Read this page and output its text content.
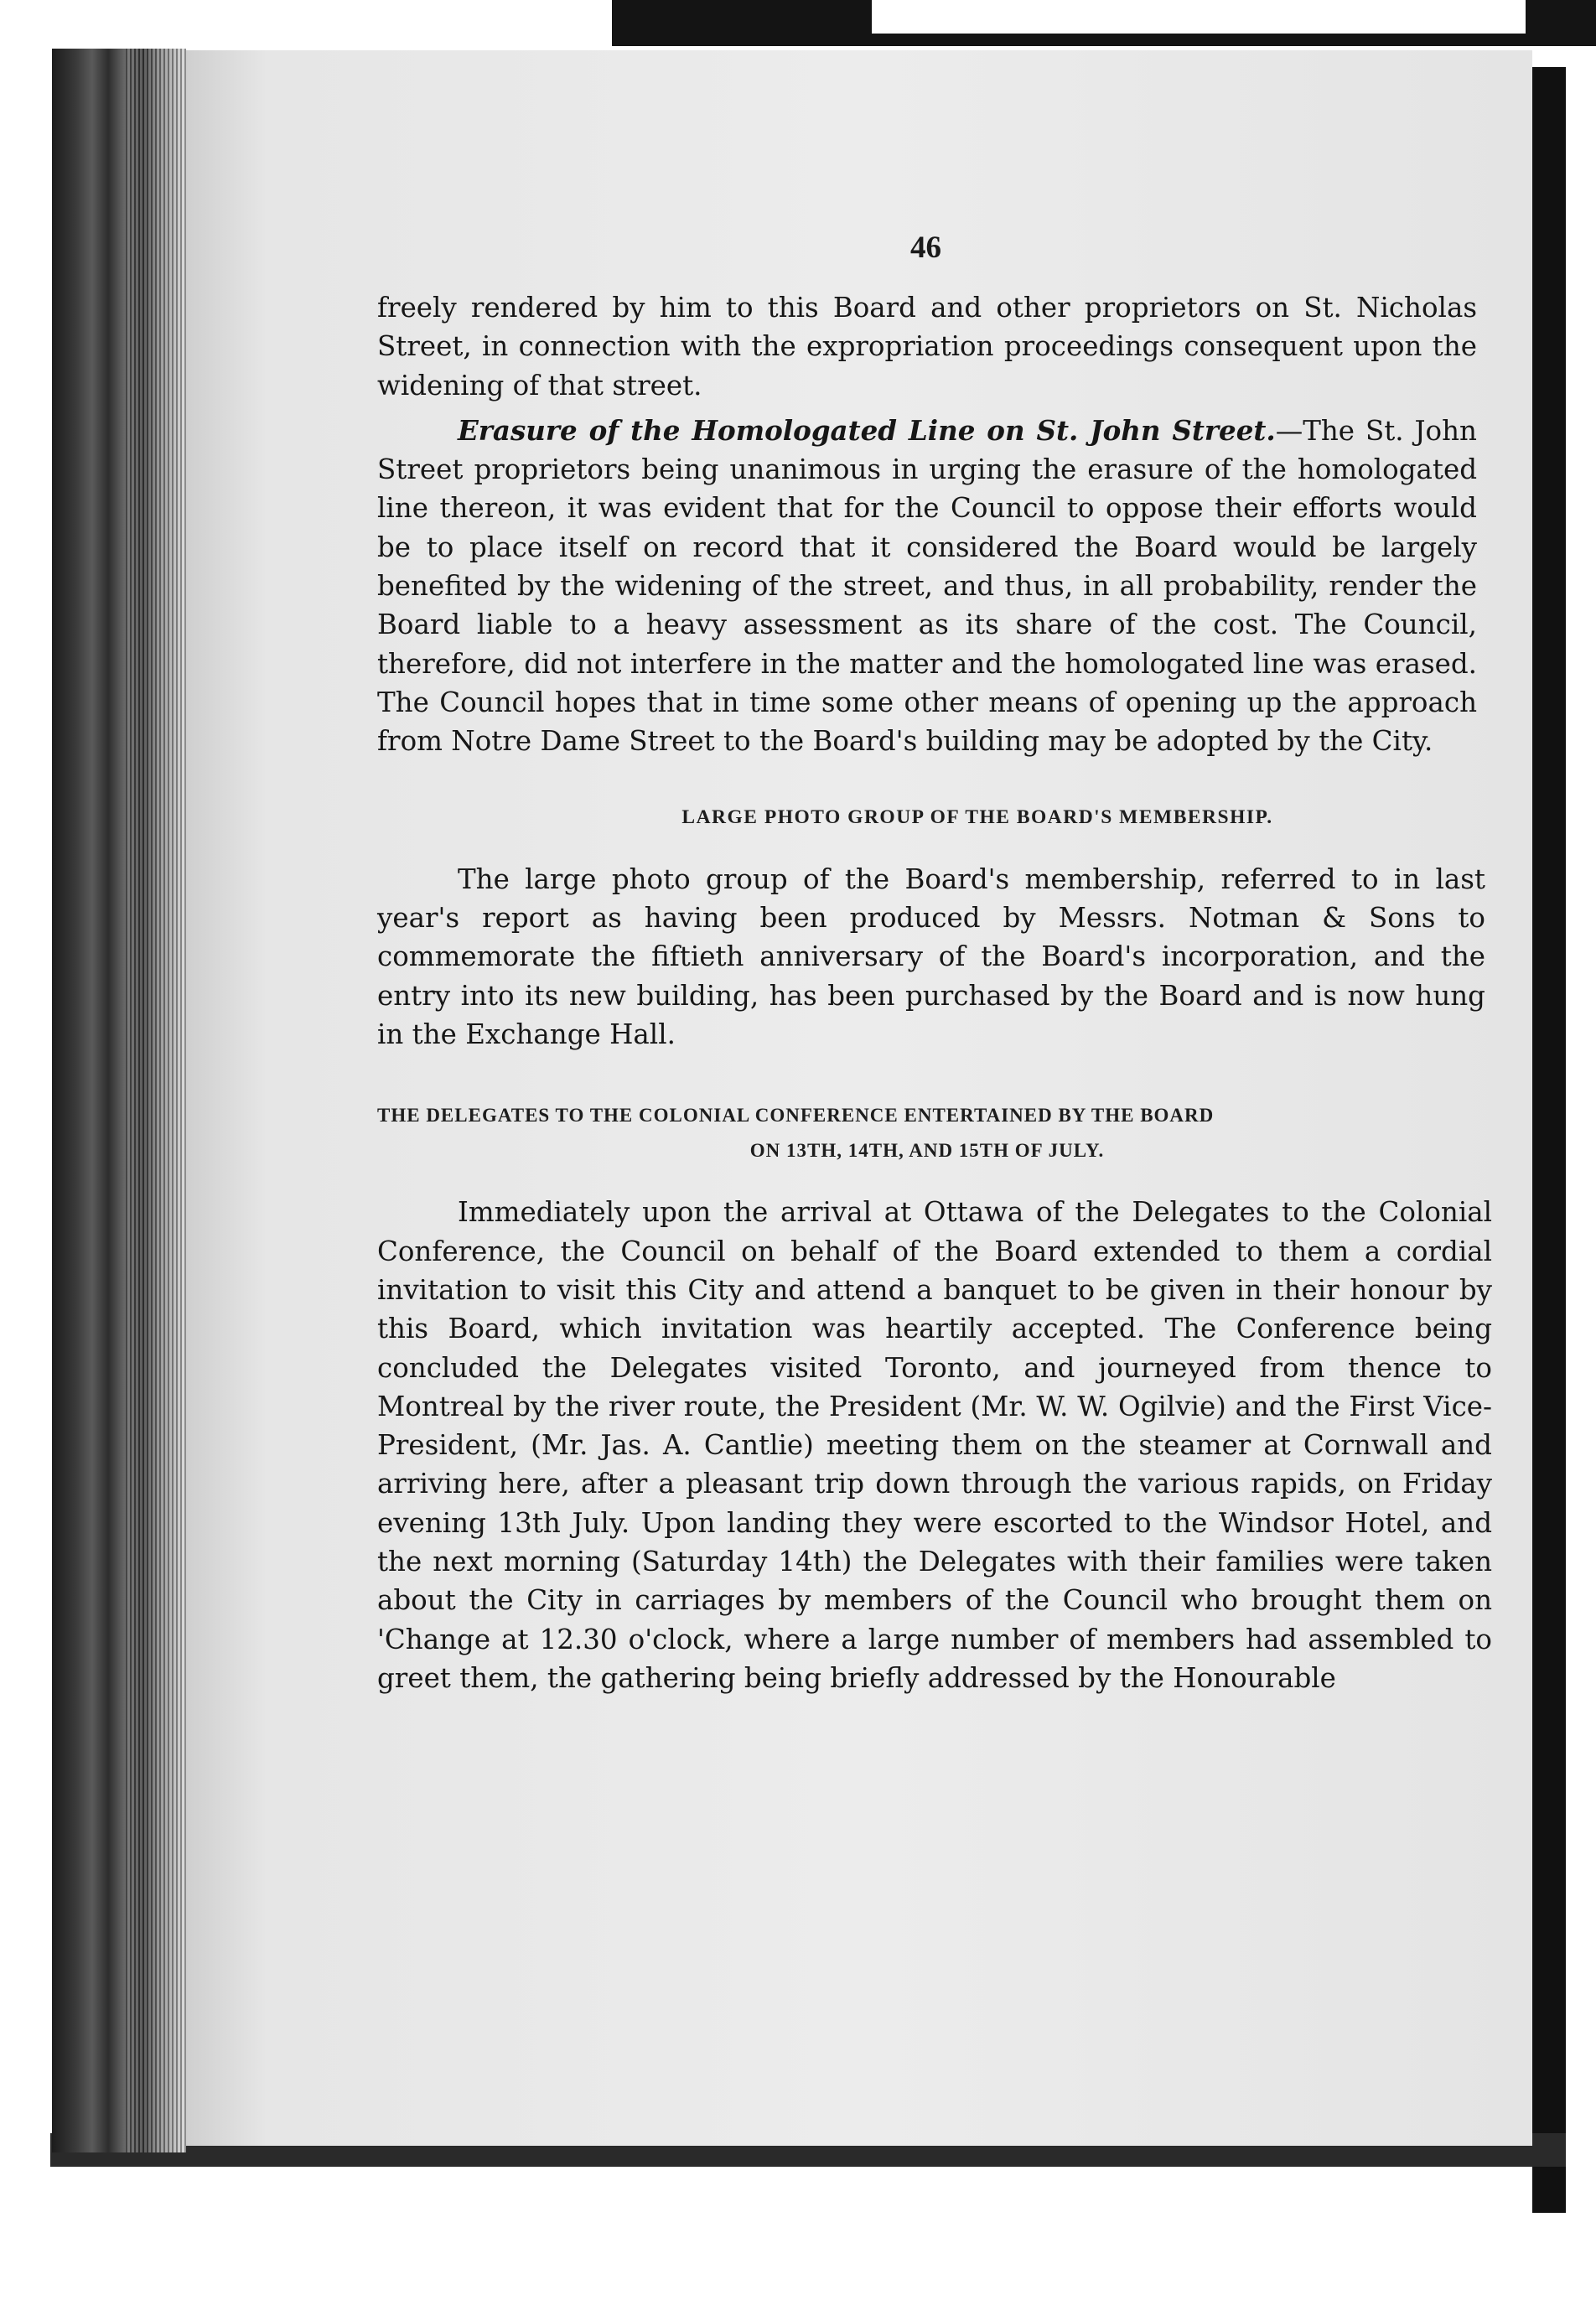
46

freely rendered by him to this Board and other proprietors on St. Nicholas Street, in connection with the expropriation proceedings consequent upon the widening of that street.

Erasure of the Homologated Line on St. John Street.—The St. John Street proprietors being unanimous in urging the erasure of the homologated line thereon, it was evident that for the Council to oppose their efforts would be to place itself on record that it considered the Board would be largely benefited by the widening of the street, and thus, in all probability, render the Board liable to a heavy assessment as its share of the cost. The Council, therefore, did not interfere in the matter and the homologated line was erased. The Council hopes that in time some other means of opening up the approach from Notre Dame Street to the Board's building may be adopted by the City.

LARGE PHOTO GROUP OF THE BOARD'S MEMBERSHIP.

The large photo group of the Board's membership, referred to in last year's report as having been produced by Messrs. Notman & Sons to commemorate the fiftieth anniversary of the Board's incorporation, and the entry into its new building, has been purchased by the Board and is now hung in the Exchange Hall.

THE DELEGATES TO THE COLONIAL CONFERENCE ENTERTAINED BY THE BOARD

ON 13TH, 14TH, AND 15TH OF JULY.

Immediately upon the arrival at Ottawa of the Delegates to the Colonial Conference, the Council on behalf of the Board extended to them a cordial invitation to visit this City and attend a banquet to be given in their honour by this Board, which invitation was heartily accepted. The Conference being concluded the Delegates visited Toronto, and journeyed from thence to Montreal by the river route, the President (Mr. W. W. Ogilvie) and the First Vice-President, (Mr. Jas. A. Cantlie) meeting them on the steamer at Cornwall and arriving here, after a pleasant trip down through the various rapids, on Friday evening 13th July. Upon landing they were escorted to the Windsor Hotel, and the next morning (Saturday 14th) the Delegates with their families were taken about the City in carriages by members of the Council who brought them on 'Change at 12.30 o'clock, where a large number of members had assembled to greet them, the gathering being briefly addressed by the Honourable
